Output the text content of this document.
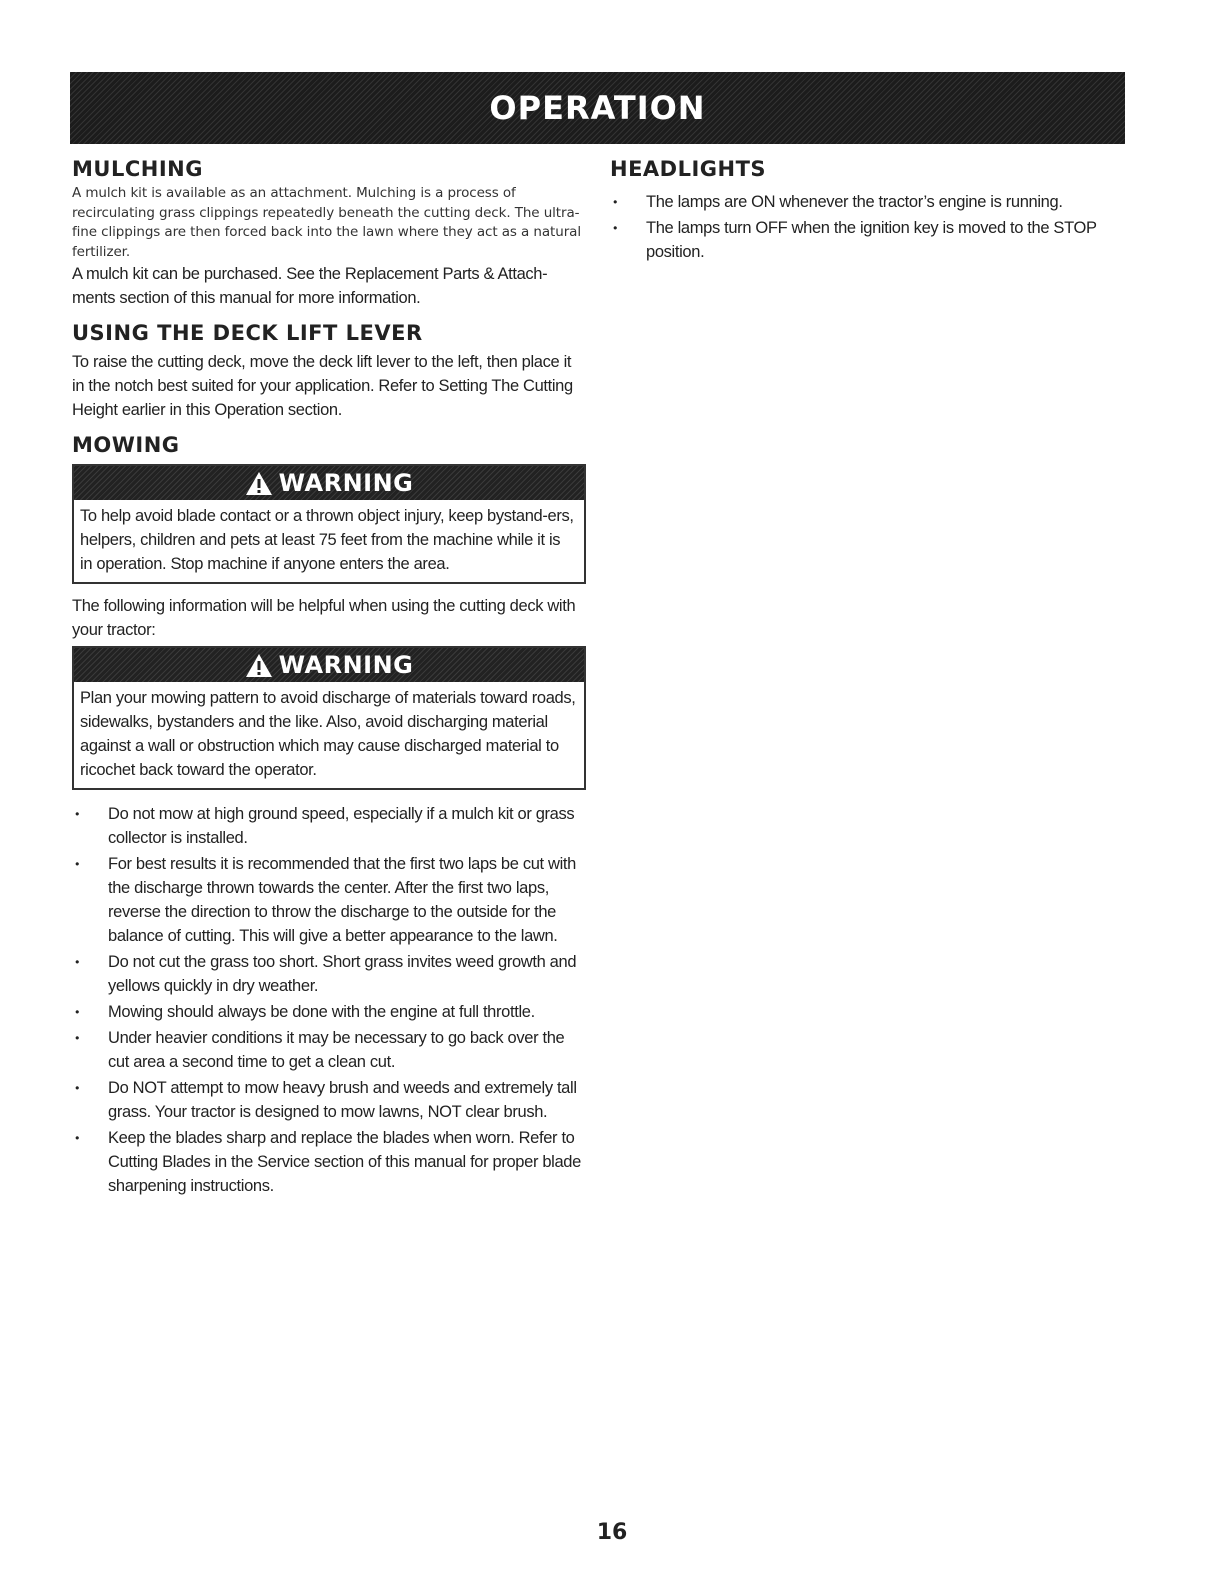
OPERATION
MULCHING

A mulch kit is available as an attachment. Mulching is a process of recirculating grass clippings repeatedly beneath the cutting deck. The ultra-fine clippings are then forced back into the lawn where they act as a natural fertilizer.

A mulch kit can be purchased. See the Replacement Parts & Attach-ments section of this manual for more information.

USING THE DECK LIFT LEVER

To raise the cutting deck, move the deck lift lever to the left, then place it in the notch best suited for your application. Refer to Setting The Cutting Height earlier in this Operation section.

MOWING
WARNING

To help avoid blade contact or a thrown object injury, keep bystand-ers, helpers, children and pets at least 75 feet from the machine while it is in operation. Stop machine if anyone enters the area.

The following information will be helpful when using the cutting deck with your tractor:

WARNING

Plan your mowing pattern to avoid discharge of materials toward roads, sidewalks, bystanders and the like. Also, avoid discharging material against a wall or obstruction which may cause discharged material to ricochet back toward the operator.

• Do not mow at high ground speed, especially if a mulch kit or grass collector is installed.
• For best results it is recommended that the first two laps be cut with the discharge thrown towards the center. After the first two laps, reverse the direction to throw the discharge to the outside for the balance of cutting. This will give a better appearance to the lawn.
• Do not cut the grass too short. Short grass invites weed growth and yellows quickly in dry weather.
• Mowing should always be done with the engine at full throttle.
• Under heavier conditions it may be necessary to go back over the cut area a second time to get a clean cut.
• Do NOT attempt to mow heavy brush and weeds and extremely tall grass. Your tractor is designed to mow lawns, NOT clear brush.
• Keep the blades sharp and replace the blades when worn. Refer to Cutting Blades in the Service section of this manual for proper blade sharpening instructions.
HEADLIGHTS
• The lamps are ON whenever the tractor’s engine is running.
• The lamps turn OFF when the ignition key is moved to the STOP position.
16
